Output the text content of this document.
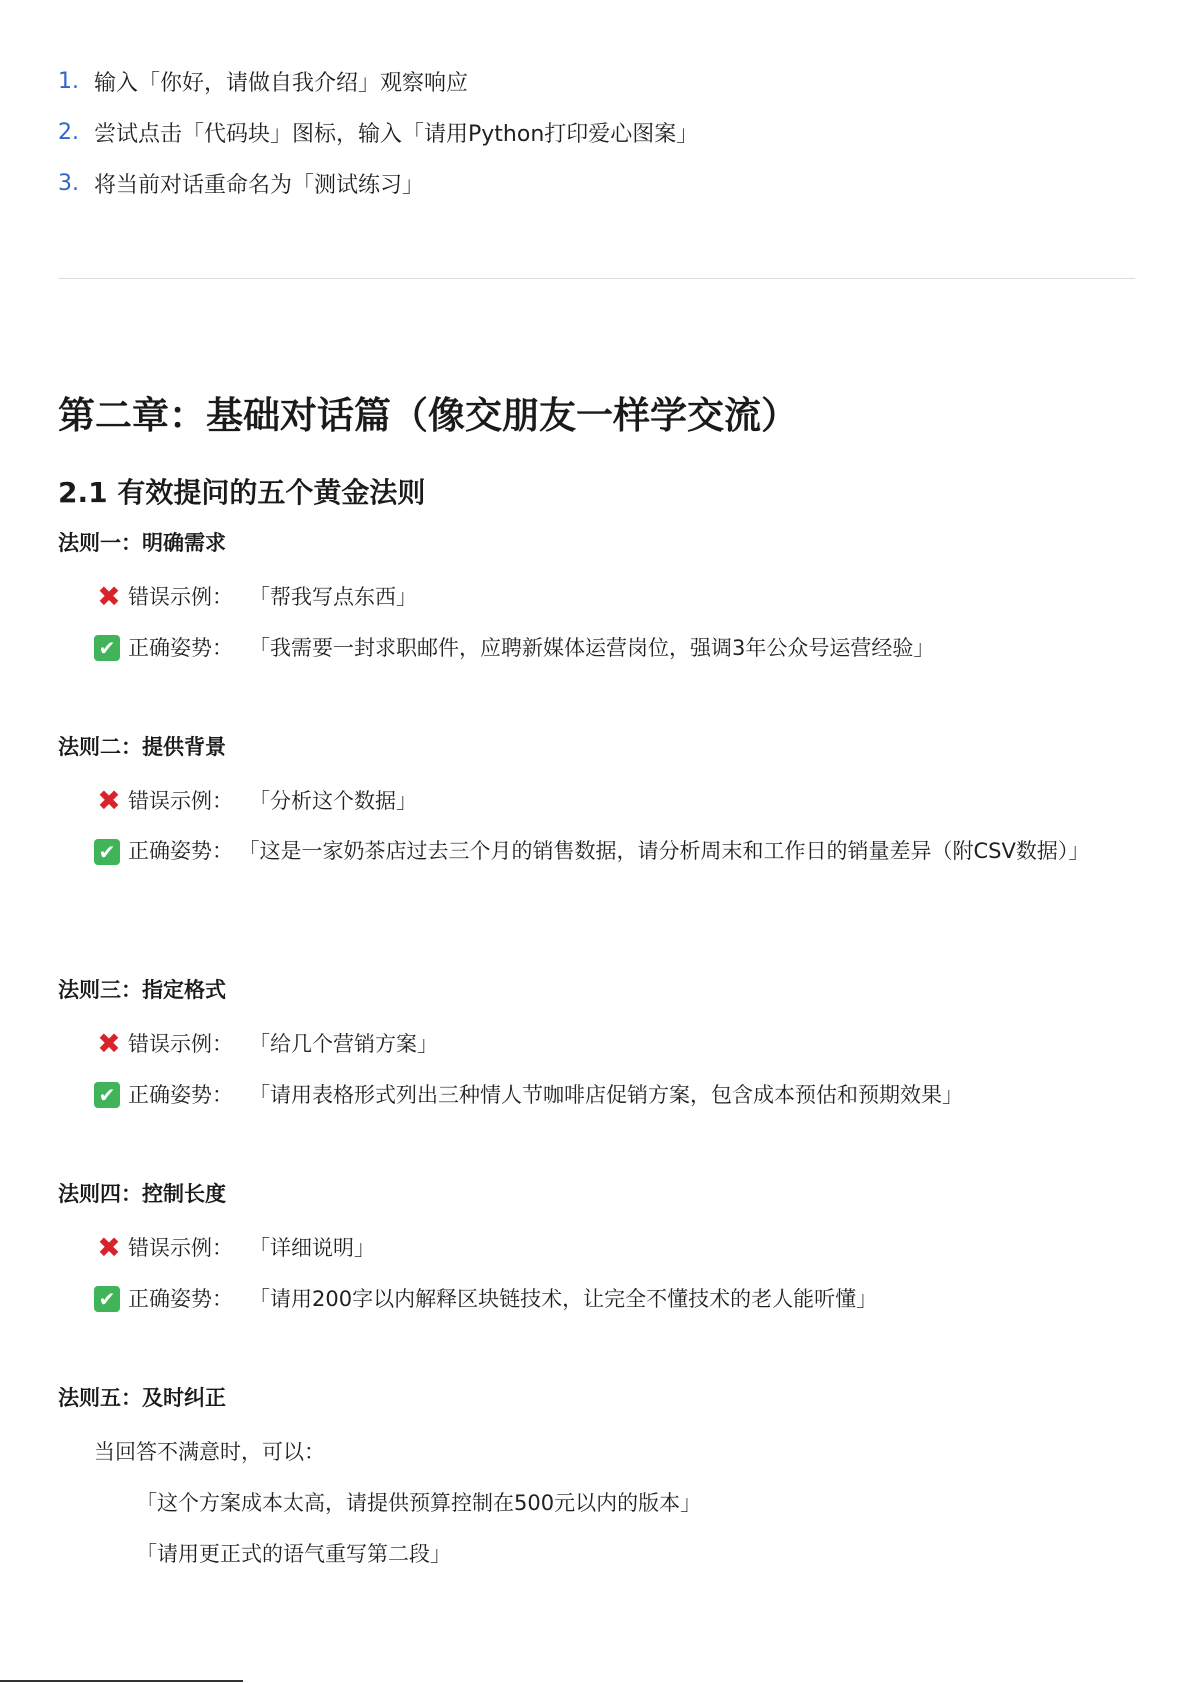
1. 输入「你好，请做自我介绍」观察响应
2. 尝试点击「代码块」图标，输入「请用Python打印爱心图案」
3. 将当前对话重命名为「测试练习」
第二章：基础对话篇（像交朋友一样学交流）
2.1 有效提问的五个黄金法则
法则一：明确需求
✖ 错误示例： 「帮我写点东西」
✔ 正确姿势： 「我需要一封求职邮件，应聘新媒体运营岗位，强调3年公众号运营经验」
法则二：提供背景
✖ 错误示例： 「分析这个数据」
✔ 正确姿势： 「这是一家奶茶店过去三个月的销售数据，请分析周末和工作日的销量差异（附CSV数据）」
法则三：指定格式
✖ 错误示例： 「给几个营销方案」
✔ 正确姿势： 「请用表格形式列出三种情人节咖啡店促销方案，包含成本预估和预期效果」
法则四：控制长度
✖ 错误示例： 「详细说明」
✔ 正确姿势： 「请用200字以内解释区块链技术，让完全不懂技术的老人能听懂」
法则五：及时纠正
当回答不满意时，可以：
「这个方案成本太高，请提供预算控制在500元以内的版本」
「请用更正式的语气重写第二段」
